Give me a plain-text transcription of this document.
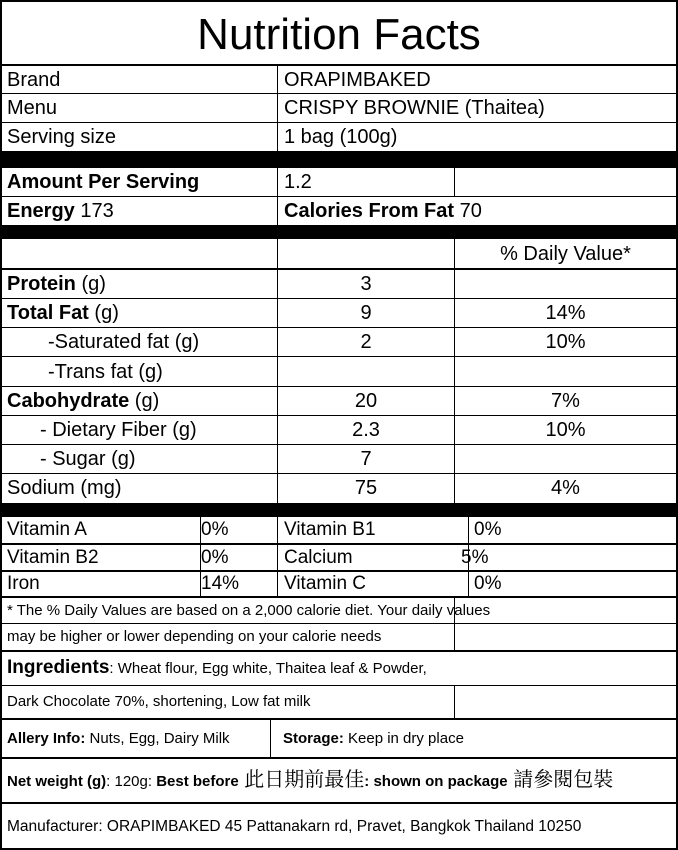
Nutrition Facts
Brand	ORAPIMBAKED
Menu	CRISPY BROWNIE (Thaitea)
Serving size	1 bag (100g)
Amount Per Serving	1.2
Energy 173	Calories From Fat 70
% Daily Value*
Protein (g)	3
Total Fat (g)	9	14%
-Saturated fat (g)	2	10%
-Trans fat (g)
Cabohydrate (g)	20	7%
- Dietary Fiber (g)	2.3	10%
- Sugar (g)	7
Sodium (mg)	75	4%
Vitamin A	0%	Vitamin B1	0%
Vitamin B2	0%	Calcium	5%
Iron	14% Vitamin C	0%
* The % Daily Values are based on a 2,000 calorie diet. Your daily values
may be higher or lower depending on your calorie needs
Ingredients: Wheat flour, Egg white, Thaitea leaf & Powder,
Dark Chocolate 70%, shortening, Low fat milk
Allery Info: Nuts, Egg, Dairy Milk	Storage: Keep in dry place
Net weight (g): 120g: Best before 此日期前最佳: shown on package 請參閱包裝
Manufacturer: ORAPIMBAKED 45 Pattanakarn rd, Pravet, Bangkok Thailand 10250
